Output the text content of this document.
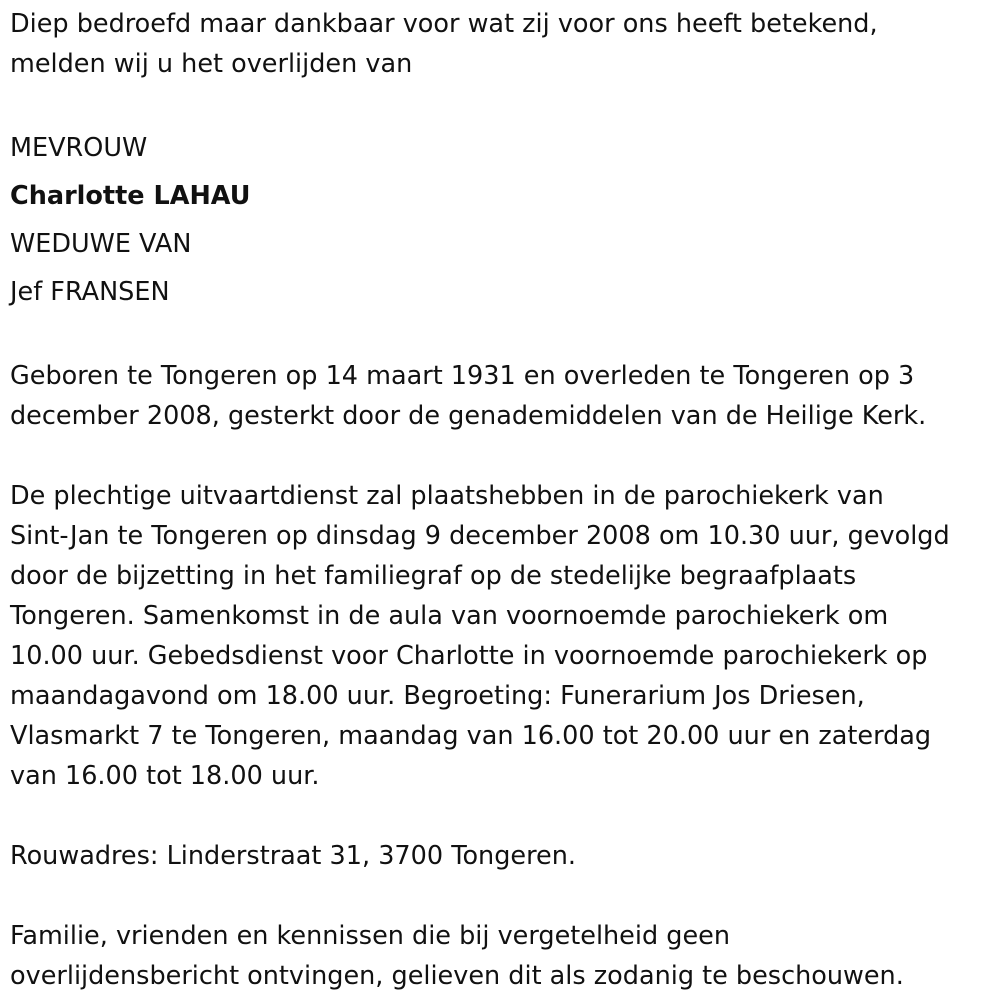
Diep bedroefd maar dankbaar voor wat zij voor ons heeft betekend,
melden wij u het overlijden van

MEVROUW
Charlotte LAHAU
WEDUWE VAN
Jef FRANSEN

Geboren te Tongeren op 14 maart 1931 en overleden te Tongeren op 3
december 2008, gesterkt door de genademiddelen van de Heilige Kerk.

De plechtige uitvaartdienst zal plaatshebben in de parochiekerk van
Sint-Jan te Tongeren op dinsdag 9 december 2008 om 10.30 uur, gevolgd
door de bijzetting in het familiegraf op de stedelijke begraafplaats
Tongeren. Samenkomst in de aula van voornoemde parochiekerk om
10.00 uur. Gebedsdienst voor Charlotte in voornoemde parochiekerk op
maandagavond om 18.00 uur. Begroeting: Funerarium Jos Driesen,
Vlasmarkt 7 te Tongeren, maandag van 16.00 tot 20.00 uur en zaterdag
van 16.00 tot 18.00 uur.

Rouwadres: Linderstraat 31, 3700 Tongeren.

Familie, vrienden en kennissen die bij vergetelheid geen
overlijdensbericht ontvingen, gelieven dit als zodanig te beschouwen.
